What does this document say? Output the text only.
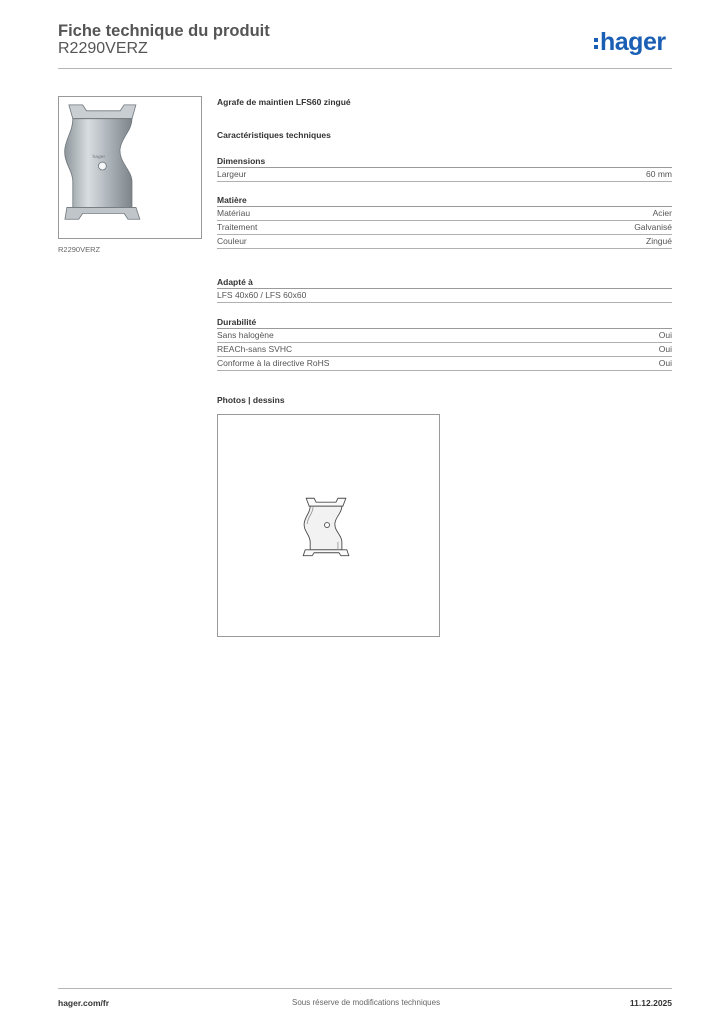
Fiche technique du produit
R2290VERZ	hager
hager
R2290VERZ
Agrafe de maintien LFS60 zingué
Caractéristiques techniques
Dimensions
Largeur	60 mm
Matière
Matériau	Acier
Traitement	Galvanisé
Couleur	Zingué
Adapté à
LFS 40x60 / LFS 60x60
Durabilité
Sans halogène	Oui
REACh-sans SVHC	Oui
Conforme à la directive RoHS	Oui
Photos | dessins
hager.com/fr	Sous réserve de modifications techniques	11.12.2025
